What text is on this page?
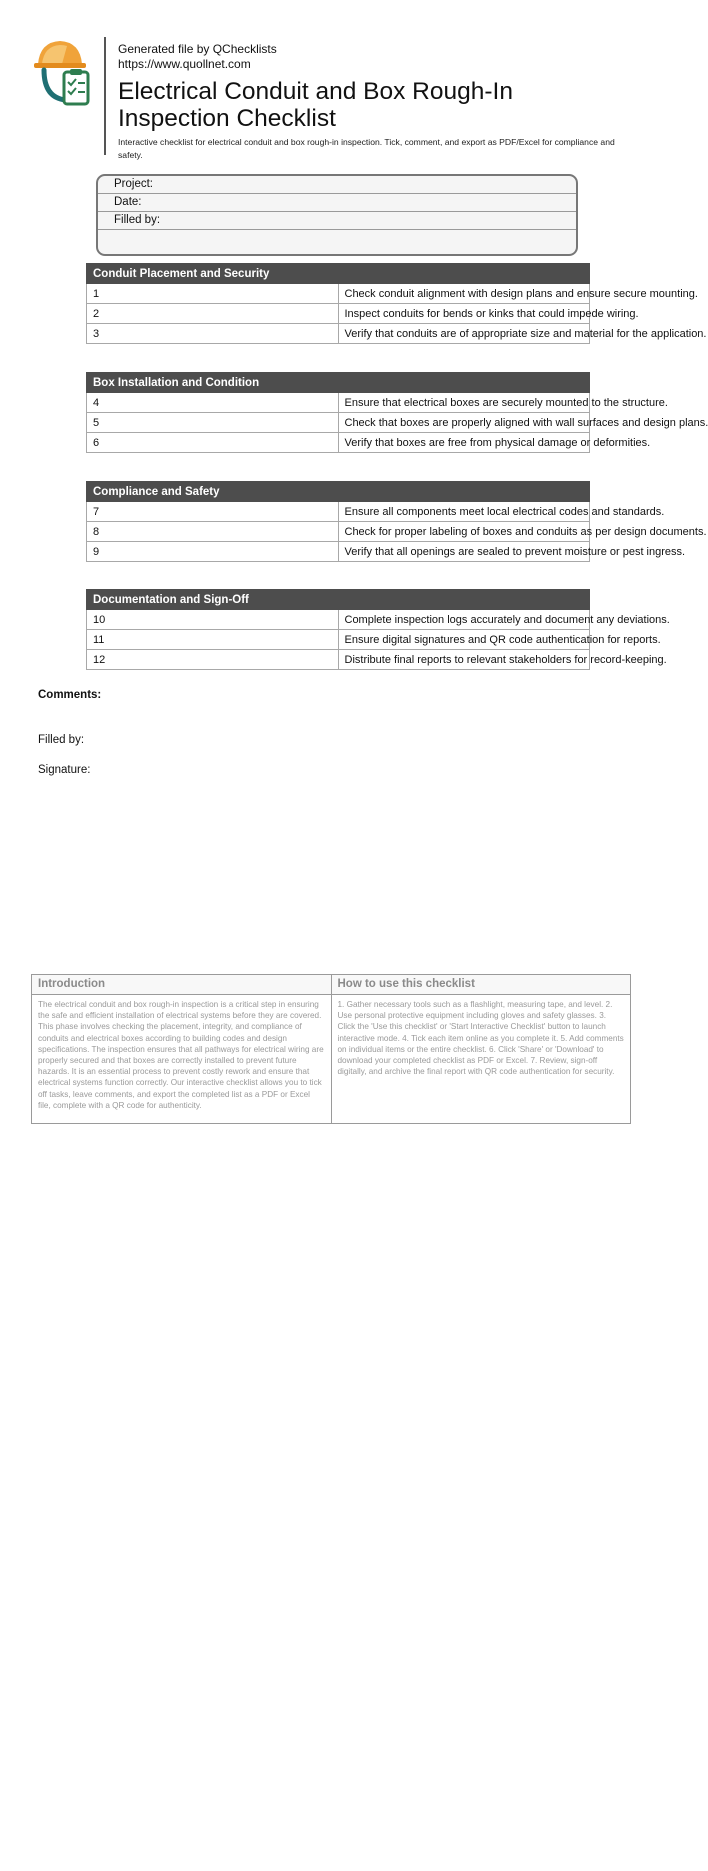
Generated file by QChecklists
https://www.quollnet.com
Electrical Conduit and Box Rough-In Inspection Checklist
Interactive checklist for electrical conduit and box rough-in inspection. Tick, comment, and export as PDF/Excel for compliance and safety.
Project:
Date:
Filled by:
Conduit Placement and Security	
1	Check conduit alignment with design plans and ensure secure mounting.
2	Inspect conduits for bends or kinks that could impede wiring.
3	Verify that conduits are of appropriate size and material for the application.
Box Installation and Condition	
4	Ensure that electrical boxes are securely mounted to the structure.
5	Check that boxes are properly aligned with wall surfaces and design plans.
6	Verify that boxes are free from physical damage or deformities.
Compliance and Safety	
7	Ensure all components meet local electrical codes and standards.
8	Check for proper labeling of boxes and conduits as per design documents.
9	Verify that all openings are sealed to prevent moisture or pest ingress.
Documentation and Sign-Off	
10	Complete inspection logs accurately and document any deviations.
11	Ensure digital signatures and QR code authentication for reports.
12	Distribute final reports to relevant stakeholders for record-keeping.
Comments:
Filled by:
Signature:
Introduction
The electrical conduit and box rough-in inspection is a critical step in ensuring the safe and efficient installation of electrical systems before they are covered. This phase involves checking the placement, integrity, and compliance of conduits and electrical boxes according to building codes and design specifications. The inspection ensures that all pathways for electrical wiring are properly secured and that boxes are correctly installed to prevent future hazards. It is an essential process to prevent costly rework and ensure that electrical systems function correctly. Our interactive checklist allows you to tick off tasks, leave comments, and export the completed list as a PDF or Excel file, complete with a QR code for authenticity.
How to use this checklist
1. Gather necessary tools such as a flashlight, measuring tape, and level. 2. Use personal protective equipment including gloves and safety glasses. 3. Click the 'Use this checklist' or 'Start Interactive Checklist' button to launch interactive mode. 4. Tick each item online as you complete it. 5. Add comments on individual items or the entire checklist. 6. Click 'Share' or 'Download' to download your completed checklist as PDF or Excel. 7. Review, sign-off digitally, and archive the final report with QR code authentication for security.
